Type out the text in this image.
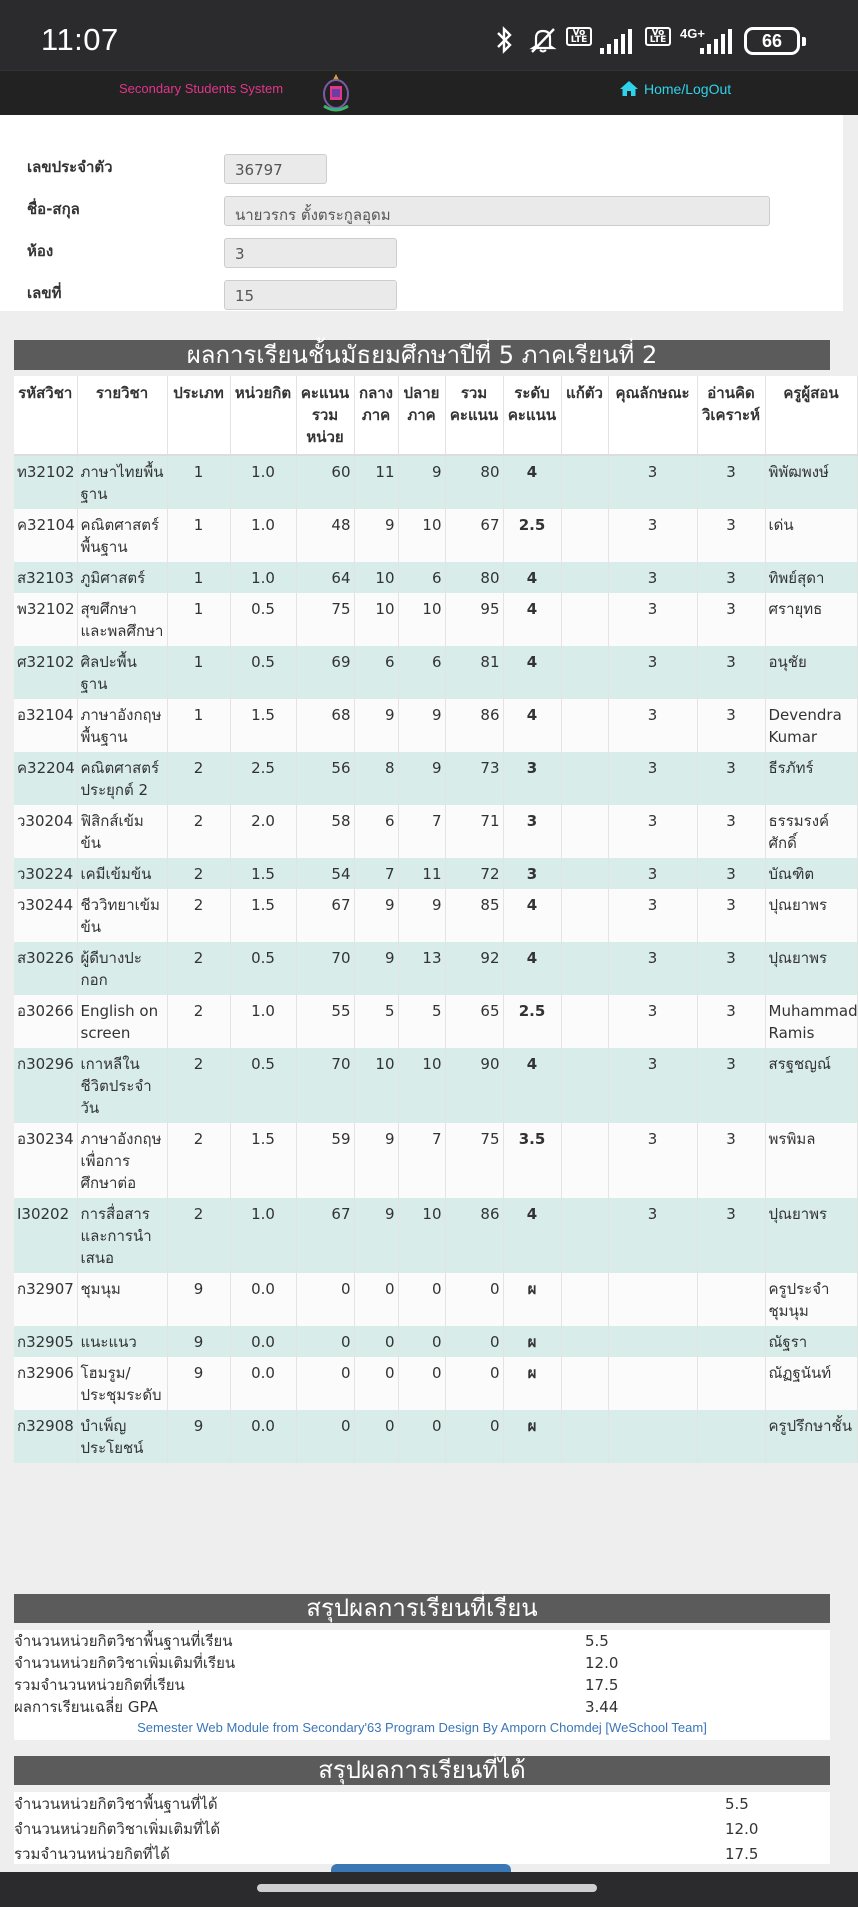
11:07	Vo LTE
Vo LTE	4G+	66
Secondary Students System	Home/LogOut
เลขประจำตัว	36797
ชื่อ-สกุล	นายวรกร ตั้งตระกูลอุดม
ห้อง	3
เลขที่	15
ผลการเรียนชั้นมัธยมศึกษาปีที่ 5 ภาคเรียนที่ 2
รหัสวิชา	รายวิชา	ประเภท	หน่วยกิต	คะแนนรวมหน่วย	กลางภาค	ปลายภาค	รวมคะแนน	ระดับคะแนน	แก้ตัว	คุณลักษณะ	อ่านคิดวิเคราะห์	ครูผู้สอน
ท32102	ภาษาไทยพื้นฐาน	1	1.0	60	11	9	80	4		3	3	พิพัฒพงษ์
ค32104	คณิตศาสตร์พื้นฐาน	1	1.0	48	9	10	67	2.5		3	3	เด่น
ส32103	ภูมิศาสตร์	1	1.0	64	10	6	80	4		3	3	ทิพย์สุดา
พ32102	สุขศึกษาและพลศึกษา	1	0.5	75	10	10	95	4		3	3	ศรายุทธ
ศ32102	ศิลปะพื้นฐาน	1	0.5	69	6	6	81	4		3	3	อนุชัย
อ32104	ภาษาอังกฤษพื้นฐาน	1	1.5	68	9	9	86	4		3	3	Devendra Kumar
ค32204	คณิตศาสตร์ประยุกต์ 2	2	2.5	56	8	9	73	3		3	3	ธีรภัทร์
ว30204	ฟิสิกส์เข้มข้น	2	2.0	58	6	7	71	3		3	3	ธรรมรงค์ศักดิ์
ว30224	เคมีเข้มข้น	2	1.5	54	7	11	72	3		3	3	บัณฑิต
ว30244	ชีววิทยาเข้มข้น	2	1.5	67	9	9	85	4		3	3	ปุณยาพร
ส30226	ผู้ดีบางปะกอก	2	0.5	70	9	13	92	4		3	3	ปุณยาพร
อ30266	English on screen	2	1.0	55	5	5	65	2.5		3	3	Muhammad Ramis
ก30296	เกาหลีในชีวิตประจำวัน	2	0.5	70	10	10	90	4		3	3	สรฐชญณ์
อ30234	ภาษาอังกฤษเพื่อการศึกษาต่อ	2	1.5	59	9	7	75	3.5		3	3	พรพิมล
I30202	การสื่อสารและการนำเสนอ	2	1.0	67	9	10	86	4		3	3	ปุณยาพร
ก32907	ชุมนุม	9	0.0	0	0	0	0	ผ				ครูประจำชุมนุม
ก32905	แนะแนว	9	0.0	0	0	0	0	ผ				ณัฐรา
ก32906	โฮมรูม/ประชุมระดับ	9	0.0	0	0	0	0	ผ				ณัฏฐนันท์
ก32908	บำเพ็ญประโยชน์	9	0.0	0	0	0	0	ผ				ครูปรึกษาชั้น
สรุปผลการเรียนที่เรียน
จำนวนหน่วยกิตวิชาพื้นฐานที่เรียน	5.5
จำนวนหน่วยกิตวิชาเพิ่มเติมที่เรียน	12.0
รวมจำนวนหน่วยกิตที่เรียน	17.5
ผลการเรียนเฉลี่ย GPA	3.44
Semester Web Module from Secondary'63 Program Design By Amporn Chomdej [WeSchool Team]
สรุปผลการเรียนที่ได้
จำนวนหน่วยกิตวิชาพื้นฐานที่ได้	5.5
จำนวนหน่วยกิตวิชาเพิ่มเติมที่ได้	12.0
รวมจำนวนหน่วยกิตที่ได้	17.5
